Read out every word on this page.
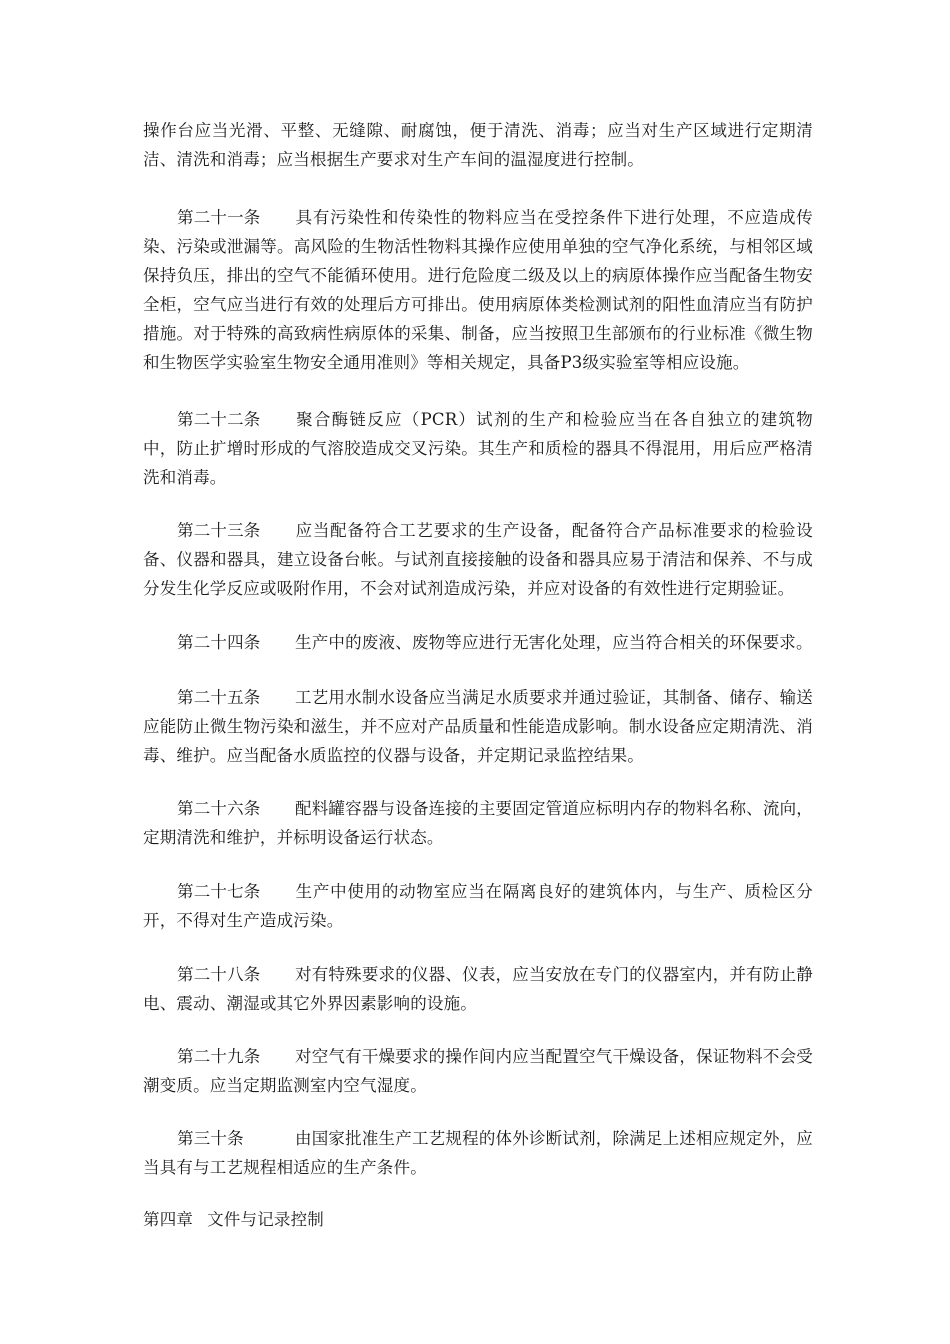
操作台应当光滑、平整、无缝隙、耐腐蚀，便于清洗、消毒；应当对生产区域进行定期清洁、清洗和消毒；应当根据生产要求对生产车间的温湿度进行控制。

第二十一条 具有污染性和传染性的物料应当在受控条件下进行处理，不应造成传染、污染或泄漏等。高风险的生物活性物料其操作应使用单独的空气净化系统，与相邻区域保持负压，排出的空气不能循环使用。进行危险度二级及以上的病原体操作应当配备生物安全柜，空气应当进行有效的处理后方可排出。使用病原体类检测试剂的阳性血清应当有防护措施。对于特殊的高致病性病原体的采集、制备，应当按照卫生部颁布的行业标准《微生物和生物医学实验室生物安全通用准则》等相关规定，具备P3级实验室等相应设施。

第二十二条 聚合酶链反应（PCR）试剂的生产和检验应当在各自独立的建筑物中，防止扩增时形成的气溶胶造成交叉污染。其生产和质检的器具不得混用，用后应严格清洗和消毒。

第二十三条 应当配备符合工艺要求的生产设备，配备符合产品标准要求的检验设备、仪器和器具，建立设备台帐。与试剂直接接触的设备和器具应易于清洁和保养、不与成分发生化学反应或吸附作用，不会对试剂造成污染，并应对设备的有效性进行定期验证。

第二十四条 生产中的废液、废物等应进行无害化处理，应当符合相关的环保要求。

第二十五条 工艺用水制水设备应当满足水质要求并通过验证，其制备、储存、输送应能防止微生物污染和滋生，并不应对产品质量和性能造成影响。制水设备应定期清洗、消毒、维护。应当配备水质监控的仪器与设备，并定期记录监控结果。

第二十六条 配料罐容器与设备连接的主要固定管道应标明内存的物料名称、流向，定期清洗和维护，并标明设备运行状态。

第二十七条 生产中使用的动物室应当在隔离良好的建筑体内，与生产、质检区分开，不得对生产造成污染。

第二十八条 对有特殊要求的仪器、仪表，应当安放在专门的仪器室内，并有防止静电、震动、潮湿或其它外界因素影响的设施。

第二十九条 对空气有干燥要求的操作间内应当配置空气干燥设备，保证物料不会受潮变质。应当定期监测室内空气湿度。

第三十条	由国家批准生产工艺规程的体外诊断试剂，除满足上述相应规定外，应当具有与工艺规程相适应的生产条件。

第四章 文件与记录控制
